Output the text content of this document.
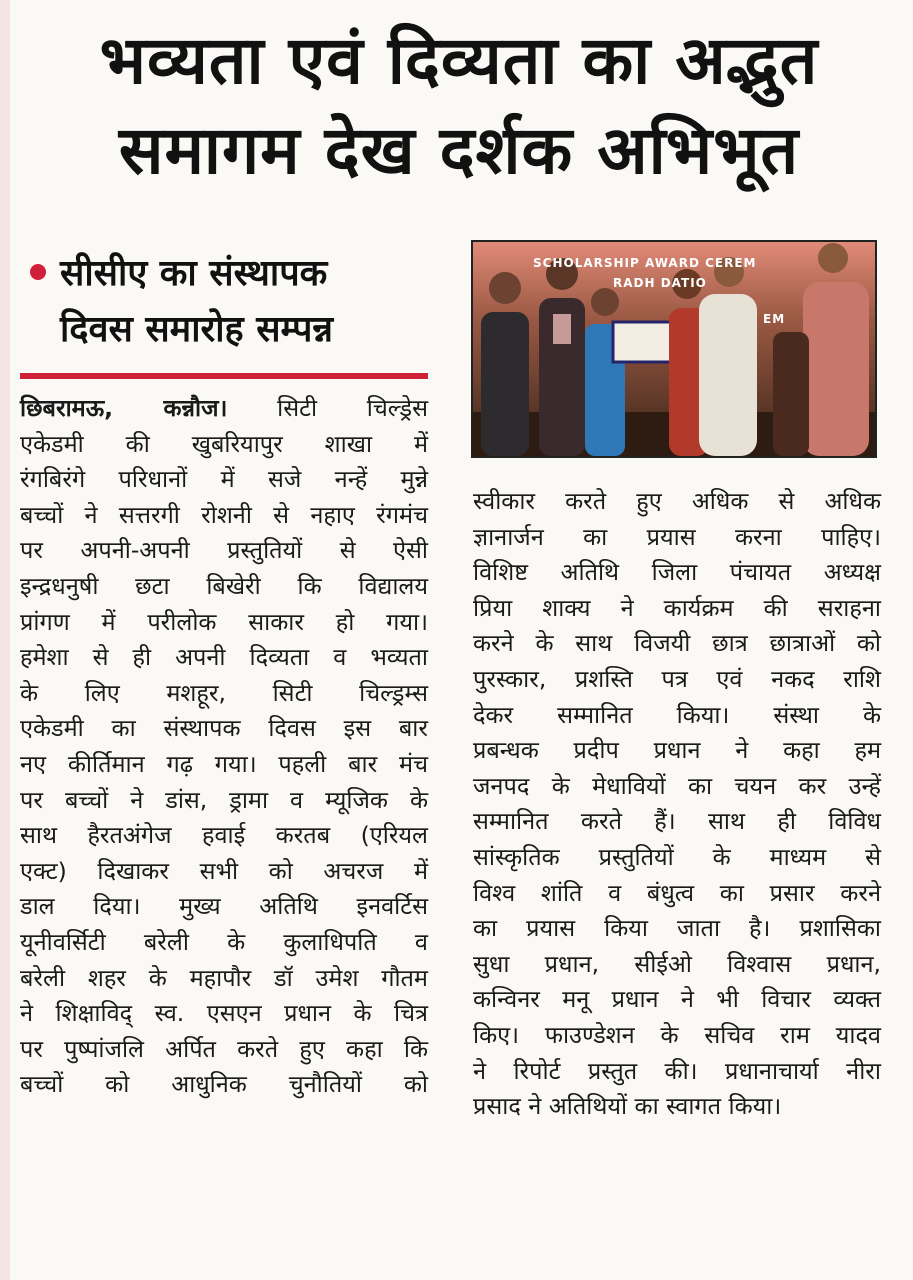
भव्यता एवं दिव्यता का अद्भुत
समागम देख दर्शक अभिभूत

सीसीए का संस्थापक
दिवस समारोह सम्पन्न

SCHOLARSHIP AWARD CEREM
RADH DATIO
EM
छिबरामऊ, कन्नौज। सिटी चिल्ड्रेस
एकेडमी की खुबरियापुर शाखा में
रंगबिरंगे परिधानों में सजे नन्हें मुन्ने
बच्चों ने सत्तरगी रोशनी से नहाए रंगमंच
पर अपनी-अपनी प्रस्तुतियों से ऐसी
इन्द्रधनुषी छटा बिखेरी कि विद्यालय
प्रांगण में परीलोक साकार हो गया।
हमेशा से ही अपनी दिव्यता व भव्यता
के लिए मशहूर, सिटी चिल्ड्रम्स
एकेडमी का संस्थापक दिवस इस बार
नए कीर्तिमान गढ़ गया। पहली बार मंच
पर बच्चों ने डांस, ड्रामा व म्यूजिक के
साथ हैरतअंगेज हवाई करतब (एरियल
एक्ट) दिखाकर सभी को अचरज में
डाल दिया। मुख्य अतिथि इनवर्टिस
यूनीवर्सिटी बरेली के कुलाधिपति व
बरेली शहर के महापौर डॉ उमेश गौतम
ने शिक्षाविद् स्व. एसएन प्रधान के चित्र
पर पुष्पांजलि अर्पित करते हुए कहा कि
बच्चों को आधुनिक चुनौतियों को
स्वीकार करते हुए अधिक से अधिक
ज्ञानार्जन का प्रयास करना पाहिए।
विशिष्ट अतिथि जिला पंचायत अध्यक्ष
प्रिया शाक्य ने कार्यक्रम की सराहना
करने के साथ विजयी छात्र छात्राओं को
पुरस्कार, प्रशस्ति पत्र एवं नकद राशि
देकर सम्मानित किया। संस्था के
प्रबन्धक प्रदीप प्रधान ने कहा हम
जनपद के मेधावियों का चयन कर उन्हें
सम्मानित करते हैं। साथ ही विविध
सांस्कृतिक प्रस्तुतियों के माध्यम से
विश्व शांति व बंधुत्व का प्रसार करने
का प्रयास किया जाता है। प्रशासिका
सुधा प्रधान, सीईओ विश्वास प्रधान,
कन्विनर मनू प्रधान ने भी विचार व्यक्त
किए। फाउण्डेशन के सचिव राम यादव
ने रिपोर्ट प्रस्तुत की। प्रधानाचार्या नीरा
प्रसाद ने अतिथियों का स्वागत किया।
